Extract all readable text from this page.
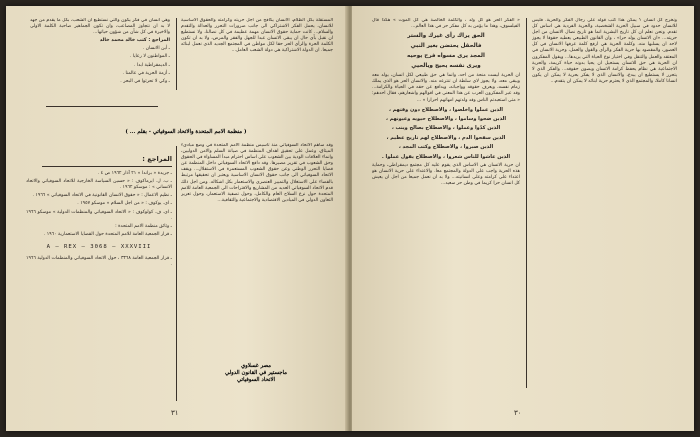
المستقلة بكل الظلام، الانسان يكافح من اجل حريته وكرامته والحقوق الاساسية للانسان، يحمل الفكر الاشتراكي الى جانب ضرورات التحرر والعدالة والتقدم والسلام... كانت حماية حقوق الانسان مهمة عظيمة في كل نضالنا، ولا نستطيع ان نقبل بأي حال ان يبقى الانسان عبدا للجهل والفقر والمرض، ولا بد ان تكون الكلمة الحرة والرأي الحر حقا لكل مواطن في المجتمع الجديد الذي نعمل لبنائه جميعا. ان الدولة الاشتراكية هي دولة الشعب العامل...

وهي انسان في فكر يكون والتي نستطيع ان الشعب، بكل ما يقدم من جهد لا بد ان نتجاوز المصاعب، وان تكون الجماهير صاحبة الكلمة الاولى والاخيرة في كل شأن من شؤون حياتها...

المراجع : كتب خالد محمد خالد

ـ أين الانسان .
ـ المواطنون لا رعايا .
ـ الديمقراطية ابدا .
ـ أزمة الحرية في عالمنا .
ـ وكي لا تحرثوا في البحر .
المراجع :
ـ جريدة « براندا » ٢١ آذار ١٩٦٢ ص ٤ .
ـ ب. ل. ايرماكوف : « حسين السياسة الخارجية للاتحاد السوفياتي والاتحاد الانساني » : موسكو ١٩٦٢ .
ـ نظيم الاعمال : « حقوق الانسان القانونية في الاتحاد السوفياتي » ١٩٦٦ .
ـ اي. يوكوف : « من اجل السلام » موسكو ١٩٥٧ .
ـ اي. ف. كولوكوف : « الاتحاد السوفياتي والمنظمات الدولية » موسكو ١٩٦٦ .
ـ وثائق منظمة الامم المتحدة :
ـ قرار الجمعية العامة للامم المتحدة حول القضايا الاستعمارية ١٩٦٠ .
A — REX — 3068 — XXXVIII
ـ قرار الجمعية العامة ٣٣٦٨ ، حول الاتحاد السوفياتي والمنظمات الدولية ١٩٦٦ .
( منظمة الامم المتحدة والاتحاد السوفياتي - بقلم ... )

وقد ساهم الاتحاد السوفياتي منذ تأسيس منظمة الامم المتحدة في وضع مبادىء الميثاق، وعمل على تحقيق اهداف المنظمة في صيانة السلم والامن الدوليين، وانماء العلاقات الودية بين الشعوب على اساس احترام مبدأ المساواة في الحقوق وحق الشعوب في تقرير مصيرها. وقد دافع الاتحاد السوفياتي داخل المنظمة عن قضايا التحرر الوطني وعن حقوق الشعوب المستعمرة في الاستقلال... ويقف الاتحاد السوفياتي الى جانب حقوق الانسان الاساسية ويعتبر ان تحقيقها مرتبط بالقضاء على الاستغلال والتمييز العنصري والاستعمار بكل اشكاله. ومن اجل ذلك قدم الاتحاد السوفياتي العديد من المشاريع والاقتراحات الى الجمعية العامة للامم المتحدة حول نزع السلاح العام والكامل، وحول تصفية الاستعمار، وحول تعزيز التعاون الدولي في الميادين الاقتصادية والاجتماعية والثقافية...

مصر غسلاوي
ماجستير في القانون الدولي
الاتحاد السوفياتي
٣١

ونخرج كل انسان ؟ يمكن هذا كتب قوله على رجال الفكر والحرية. فليس للانسان حدود في سبيل الحرية الشخصية، والحرية الفردية هي اساس كل تقدم. ونحن نعلم ان كل تاريخ البشرية انما هو تاريخ نضال الانسان من اجل حريته... «ان الانسان يولد حرا» ، وان القانون الطبيعي يعطيه حقوقا لا يجوز لاحد ان يسلبها منه. وكلمة الحرية هي ارفع كلمة عرفها الانسان في كل العصور، والمقصود بها حرية الفكر والرأي والقول والعمل، وحرية الانسان في المعتقد والعمل والتنقل وفي اختيار نوع الحياة التي يريدها... ويقول المفكرون ان الحرية هي حق للانسان يستحيل ان يحيا بدونه حياة كريمة، والحرية الاجتماعية هي نظام يحفظ كرامة الانسان ويصون حقوقه... والفكر الذي لا يتحرر لا يستطيع ان يبدع، والانسان الذي لا يفكر بحرية لا يمكن ان يكون انسانا كاملا، والمجتمع الذي لا يحترم حرية ابنائه لا يمكن ان يتقدم...

« الفكر الحر هو كل ولد ، والكلمة الخالصة هي كل الموت » هكذا قال الفيلسوف، وهذا ما يؤمن به كل مفكر حر في هذا العالم...

الحق يراك رأى غيرك والستر
فالحقل يحتضن بغير النبي
المجد يرى مسواه فرح يوحيه
ويرى نفسه يحيج ويالحيي

ان الحرية ليست منحة من احد، وانما هي حق طبيعي لكل انسان، يولد معه ويبقى معه، ولا يجوز لاي سلطة ان تنتزعه منه. والانسان الحر هو الذي يملك زمام نفسه، ويعرف حقوقه وواجباته، ويدافع عن حقه في الحياة والكرامة... وقد عبر المفكرون العرب عن هذا المعنى في اقوالهم واشعارهم، فقال احدهم: « متى استعبدتم الناس وقد ولدتهم امهاتهم احرارا » ...

الذين عملوا واخلصوا ، والاصطلاح دون وقتهم ،
الذين ضحوا وساموا ، والاصطلاح حيويه وعيونهم ،
الذين كدّوا وعملوا ، والاصطلاح بصالح وينب ،
الذين سفحوا الدم ، والاصطلاح لهم تاريخ عظيم ،
الذين صبروا ، والاصطلاح وكتب المجد ،
الذين عاشوا للناس شعروا ، والاصطلاح يقول عملوا .

ان حرية الانسان هي الاساس الذي يقوم عليه كل مجتمع ديمقراطي، وحماية هذه الحرية واجب على الدولة والمجتمع معا. والاعتداء على حرية الانسان هو اعتداء على كرامته وعلى انسانيته... ولا بد ان نعمل جميعا من اجل ان يعيش كل انسان حرا كريما في وطن حر سعيد...

٣٠
